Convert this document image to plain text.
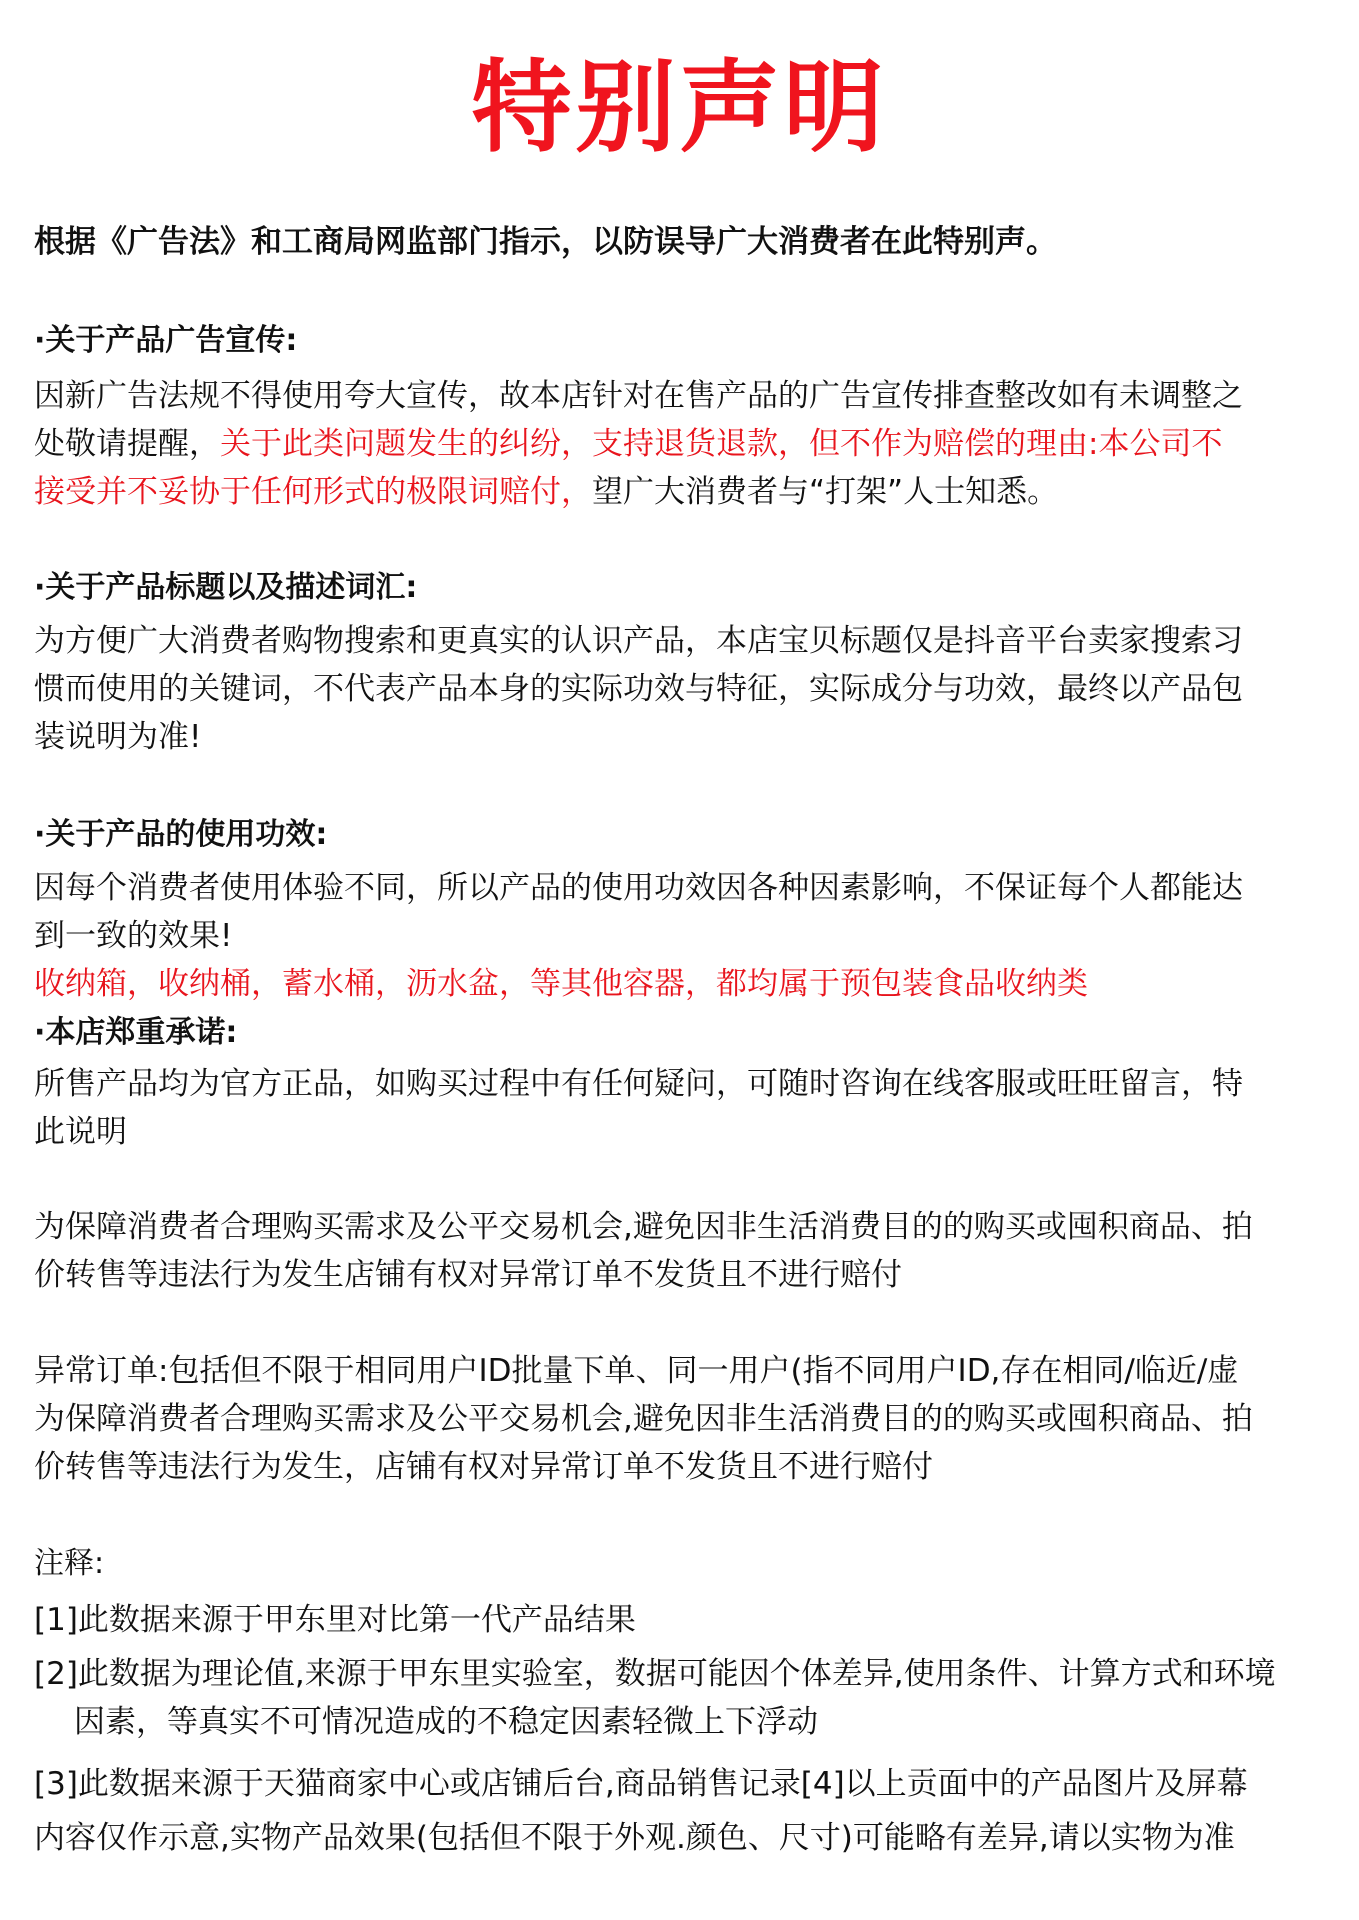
特别声明
根据《广告法》和工商局网监部门指示，以防误导广大消费者在此特别声。
·关于产品广告宣传:
因新广告法规不得使用夸大宣传，故本店针对在售产品的广告宣传排查整改如有未调整之
处敬请提醒，关于此类问题发生的纠纷，支持退货退款，但不作为赔偿的理由:本公司不
接受并不妥协于任何形式的极限词赔付，望广大消费者与“打架”人士知悉。
·关于产品标题以及描述词汇:
为方便广大消费者购物搜索和更真实的认识产品，本店宝贝标题仅是抖音平台卖家搜索习
惯而使用的关键词，不代表产品本身的实际功效与特征，实际成分与功效，最终以产品包
装说明为准!
·关于产品的使用功效:
因每个消费者使用体验不同，所以产品的使用功效因各种因素影响，不保证每个人都能达
到一致的效果!
收纳箱，收纳桶，蓄水桶，沥水盆，等其他容器，都均属于预包装食品收纳类
·本店郑重承诺:
所售产品均为官方正品，如购买过程中有任何疑问，可随时咨询在线客服或旺旺留言，特
此说明
为保障消费者合理购买需求及公平交易机会,避免因非生活消费目的的购买或囤积商品、拍
价转售等违法行为发生店铺有权对异常订单不发货且不进行赔付
异常订单:包括但不限于相同用户ID批量下单、同一用户(指不同用户ID,存在相同/临近/虚
为保障消费者合理购买需求及公平交易机会,避免因非生活消费目的的购买或囤积商品、拍
价转售等违法行为发生，店铺有权对异常订单不发货且不进行赔付
注释:
[1]此数据来源于甲东里对比第一代产品结果
[2]此数据为理论值,来源于甲东里实验室，数据可能因个体差异,使用条件、计算方式和环境
因素，等真实不可情况造成的不稳定因素轻微上下浮动
[3]此数据来源于天猫商家中心或店铺后台,商品销售记录[4]以上贡面中的产品图片及屏幕
内容仅作示意,实物产品效果(包括但不限于外观.颜色、尺寸)可能略有差异,请以实物为准
